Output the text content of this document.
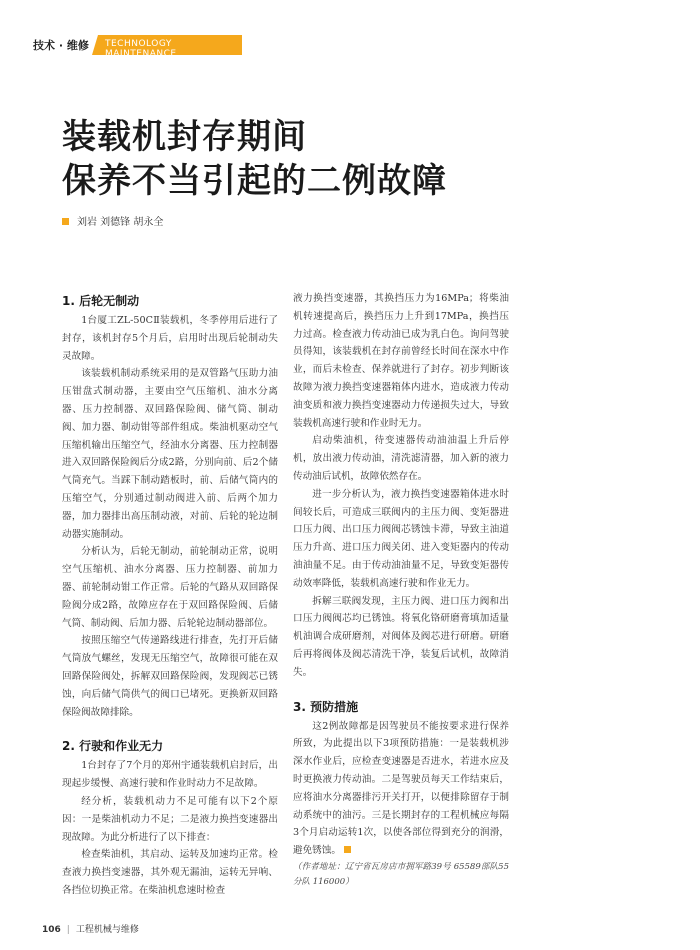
技术 · 维修 TECHNOLOGY MAINTENANCE
装载机封存期间
保养不当引起的二例故障
刘岩 刘德锋 胡永全
1. 后轮无制动

1台厦工ZL-50CⅡ装载机，冬季停用后进行了封存，该机封存5个月后，启用时出现后轮制动失灵故障。

该装载机制动系统采用的是双管路气压助力油压钳盘式制动器，主要由空气压缩机、油水分离器、压力控制器、双回路保险阀、储气筒、制动阀、加力器、制动钳等部件组成。柴油机驱动空气压缩机输出压缩空气，经油水分离器、压力控制器进入双回路保险阀后分成2路，分别向前、后2个储气筒充气。当踩下制动踏板时，前、后储气筒内的压缩空气，分别通过制动阀进入前、后两个加力器，加力器排出高压制动液，对前、后轮的轮边制动器实施制动。

分析认为，后轮无制动，前轮制动正常，说明空气压缩机、油水分离器、压力控制器、前加力器、前轮制动钳工作正常。后轮的气路从双回路保险阀分成2路，故障应存在于双回路保险阀、后储气筒、制动阀、后加力器、后轮轮边制动器部位。

按照压缩空气传递路线进行排查，先打开后储气筒放气螺丝，发现无压缩空气，故障很可能在双回路保险阀处，拆解双回路保险阀，发现阀芯已锈蚀，向后储气筒供气的阀口已堵死。更换新双回路保险阀故障排除。

2. 行驶和作业无力

1台封存了7个月的郑州宇通装载机启封后，出现起步缓慢、高速行驶和作业时动力不足故障。

经分析，装载机动力不足可能有以下2个原因：一是柴油机动力不足；二是液力换挡变速器出现故障。为此分析进行了以下排查：

检查柴油机，其启动、运转及加速均正常。检查液力换挡变速器，其外观无漏油，运转无异响、各挡位切换正常。在柴油机怠速时检查

液力换挡变速器，其换挡压力为16MPa；将柴油机转速提高后，换挡压力上升到17MPa，换挡压力过高。检查液力传动油已成为乳白色。询问驾驶员得知，该装载机在封存前曾经长时间在深水中作业，而后未检查、保养就进行了封存。初步判断该故障为液力换挡变速器箱体内进水，造成液力传动油变质和液力换挡变速器动力传递损失过大，导致装载机高速行驶和作业时无力。

启动柴油机，待变速器传动油油温上升后停机，放出液力传动油，清洗滤清器，加入新的液力传动油后试机，故障依然存在。

进一步分析认为，液力换挡变速器箱体进水时间较长后，可造成三联阀内的主压力阀、变矩器进口压力阀、出口压力阀阀芯锈蚀卡滞，导致主油道压力升高、进口压力阀关闭、进入变矩器内的传动油油量不足。由于传动油油量不足，导致变矩器传动效率降低，装载机高速行驶和作业无力。

拆解三联阀发现，主压力阀、进口压力阀和出口压力阀阀芯均已锈蚀。将氧化铬研磨膏填加适量机油调合成研磨剂，对阀体及阀芯进行研磨。研磨后再将阀体及阀芯清洗干净，装复后试机，故障消失。

3. 预防措施

这2例故障都是因驾驶员不能按要求进行保养所致，为此提出以下3项预防措施：一是装载机涉深水作业后，应检查变速器是否进水，若进水应及时更换液力传动油。二是驾驶员每天工作结束后，应将油水分离器排污开关打开，以便排除留存于制动系统中的油污。三是长期封存的工程机械应每隔3个月启动运转1次，以使各部位得到充分的润滑，避免锈蚀。

（作者地址：辽宁省瓦房店市拥军路39号 65589部队55分队 116000）

106 | 工程机械与维修
